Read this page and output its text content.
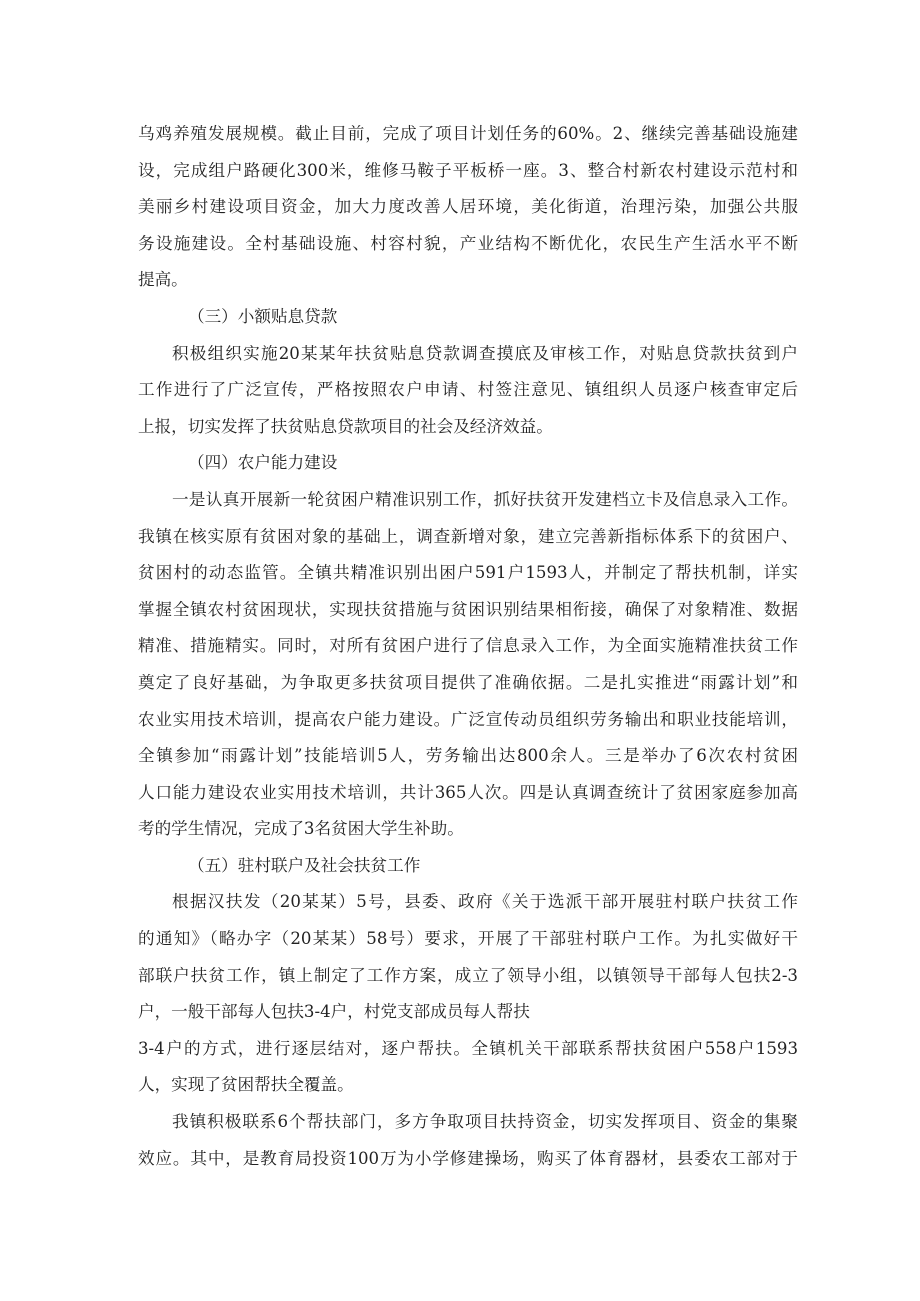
乌鸡养殖发展规模。截止目前，完成了项目计划任务的60%。2、继续完善基础设施建
设，完成组户路硬化300米，维修马鞍子平板桥一座。3、整合村新农村建设示范村和
美丽乡村建设项目资金，加大力度改善人居环境，美化街道，治理污染，加强公共服
务设施建设。全村基础设施、村容村貌，产业结构不断优化，农民生产生活水平不断
提高。
（三）小额贴息贷款
积极组织实施20某某年扶贫贴息贷款调查摸底及审核工作，对贴息贷款扶贫到户
工作进行了广泛宣传，严格按照农户申请、村签注意见、镇组织人员逐户核查审定后
上报，切实发挥了扶贫贴息贷款项目的社会及经济效益。
（四）农户能力建设
一是认真开展新一轮贫困户精准识别工作，抓好扶贫开发建档立卡及信息录入工作。
我镇在核实原有贫困对象的基础上，调查新增对象，建立完善新指标体系下的贫困户、
贫困村的动态监管。全镇共精准识别出困户591户1593人，并制定了帮扶机制，详实
掌握全镇农村贫困现状，实现扶贫措施与贫困识别结果相衔接，确保了对象精准、数据
精准、措施精实。同时，对所有贫困户进行了信息录入工作，为全面实施精准扶贫工作
奠定了良好基础，为争取更多扶贫项目提供了准确依据。二是扎实推进“雨露计划”和
农业实用技术培训，提高农户能力建设。广泛宣传动员组织劳务输出和职业技能培训，
全镇参加“雨露计划”技能培训5人，劳务输出达800余人。三是举办了6次农村贫困
人口能力建设农业实用技术培训，共计365人次。四是认真调查统计了贫困家庭参加高
考的学生情况，完成了3名贫困大学生补助。
（五）驻村联户及社会扶贫工作
根据汉扶发（20某某）5号，县委、政府《关于选派干部开展驻村联户扶贫工作
的通知》（略办字（20某某）58号）要求，开展了干部驻村联户工作。为扎实做好干
部联户扶贫工作，镇上制定了工作方案，成立了领导小组，以镇领导干部每人包扶2-3
户，一般干部每人包扶3-4户，村党支部成员每人帮扶
3-4户的方式，进行逐层结对，逐户帮扶。全镇机关干部联系帮扶贫困户558户1593
人，实现了贫困帮扶全覆盖。
我镇积极联系6个帮扶部门，多方争取项目扶持资金，切实发挥项目、资金的集聚
效应。其中，是教育局投资100万为小学修建操场，购买了体育器材，县委农工部对于
